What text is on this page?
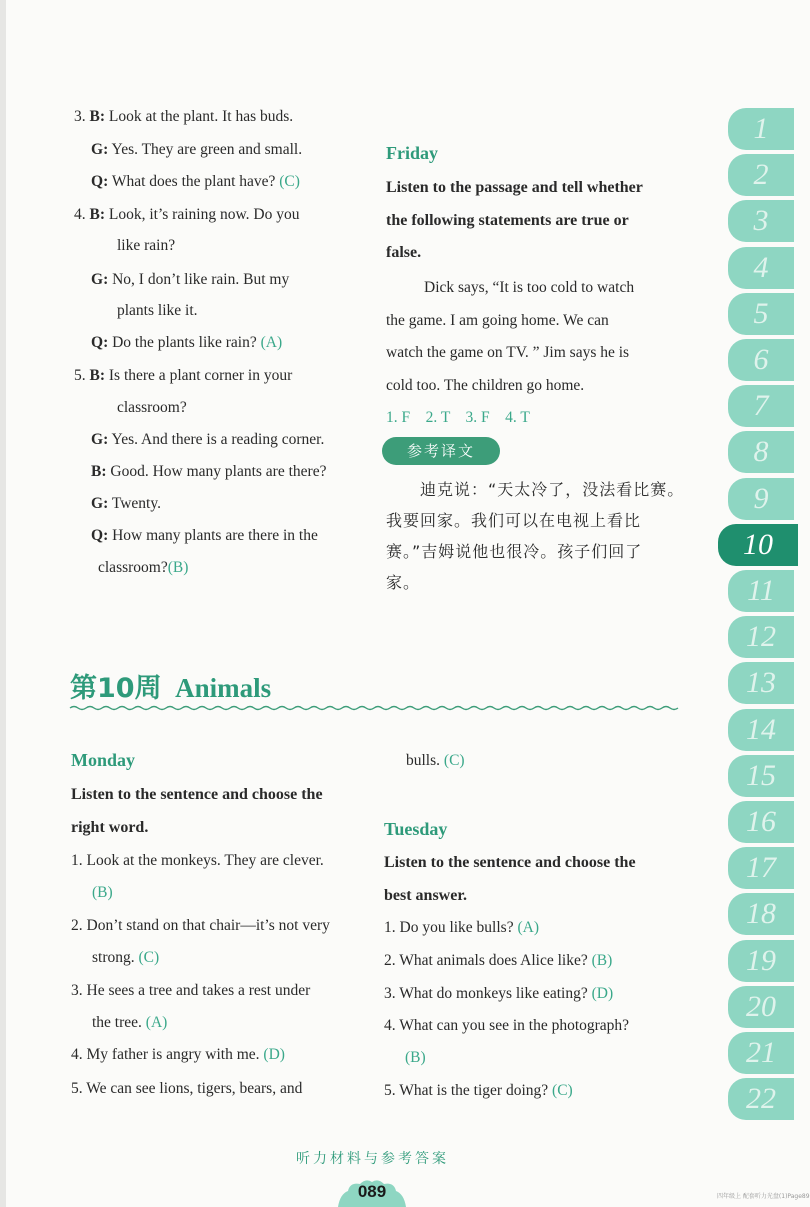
3. B: Look at the plant. It has buds.
G: Yes. They are green and small.
Q: What does the plant have? (C)
4. B: Look, it’s raining now. Do you
like rain?
G: No, I don’t like rain. But my
plants like it.
Q: Do the plants like rain? (A)
5. B: Is there a plant corner in your
classroom?
G: Yes. And there is a reading corner.
B: Good. How many plants are there?
G: Twenty.
Q: How many plants are there in the
classroom?(B)
Friday
Listen to the passage and tell whether
the following statements are true or
false.
Dick says, “It is too cold to watch
the game. I am going home. We can
watch the game on TV. ” Jim says he is
cold too. The children go home.
1. F    2. T    3. F    4. T
参考译文
迪克说：“天太冷了，没法看比赛。
我要回家。我们可以在电视上看比
赛。”吉姆说他也很冷。孩子们回了
家。
第10周 Animals
Monday
Listen to the sentence and choose the
right word.
1. Look at the monkeys. They are clever.
(B)
2. Don’t stand on that chair—it’s not very
strong. (C)
3. He sees a tree and takes a rest under
the tree. (A)
4. My father is angry with me. (D)
5. We can see lions, tigers, bears, and
bulls. (C)
Tuesday
Listen to the sentence and choose the
best answer.
1. Do you like bulls? (A)
2. What animals does Alice like? (B)
3. What do monkeys like eating? (D)
4. What can you see in the photograph?
(B)
5. What is the tiger doing? (C)
1
2
3
4
5
6
7
8
9
10
11
12
13
14
15
16
17
18
19
20
21
22
听力材料与参考答案
089	四年级上 配套听力光盘(1)Page89
